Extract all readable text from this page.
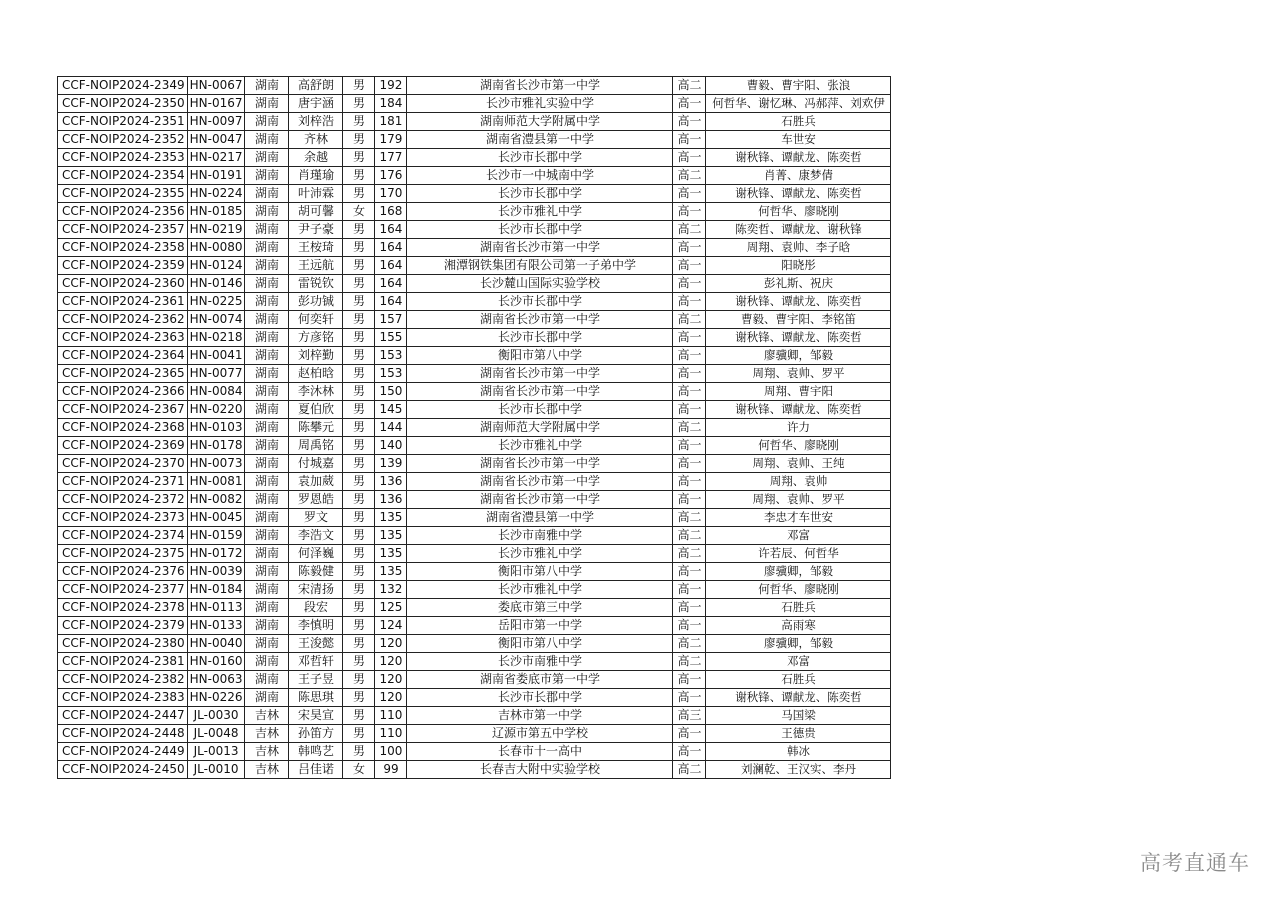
CCF-NOIP2024-2349	HN-0067	湖南	高舒朗	男	192	湖南省长沙市第一中学	高二	曹毅、曹宇阳、张浪
CCF-NOIP2024-2350	HN-0167	湖南	唐宇涵	男	184	长沙市雅礼实验中学	高一	何哲华、谢忆琳、冯郝萍、刘欢伊
CCF-NOIP2024-2351	HN-0097	湖南	刘梓浩	男	181	湖南师范大学附属中学	高一	石胜兵
CCF-NOIP2024-2352	HN-0047	湖南	齐林	男	179	湖南省澧县第一中学	高一	车世安
CCF-NOIP2024-2353	HN-0217	湖南	余越	男	177	长沙市长郡中学	高一	谢秋锋、谭献龙、陈奕哲
CCF-NOIP2024-2354	HN-0191	湖南	肖瑾瑜	男	176	长沙市一中城南中学	高二	肖菁、康梦倩
CCF-NOIP2024-2355	HN-0224	湖南	叶沛霖	男	170	长沙市长郡中学	高一	谢秋锋、谭献龙、陈奕哲
CCF-NOIP2024-2356	HN-0185	湖南	胡可馨	女	168	长沙市雅礼中学	高一	何哲华、廖晓刚
CCF-NOIP2024-2357	HN-0219	湖南	尹子豪	男	164	长沙市长郡中学	高二	陈奕哲、谭献龙、谢秋锋
CCF-NOIP2024-2358	HN-0080	湖南	王桉琦	男	164	湖南省长沙市第一中学	高一	周翔、袁帅、李子晗
CCF-NOIP2024-2359	HN-0124	湖南	王远航	男	164	湘潭钢铁集团有限公司第一子弟中学	高一	阳晓彤
CCF-NOIP2024-2360	HN-0146	湖南	雷锐钦	男	164	长沙麓山国际实验学校	高一	彭礼斯、祝庆
CCF-NOIP2024-2361	HN-0225	湖南	彭功铖	男	164	长沙市长郡中学	高一	谢秋锋、谭献龙、陈奕哲
CCF-NOIP2024-2362	HN-0074	湖南	何奕轩	男	157	湖南省长沙市第一中学	高二	曹毅、曹宇阳、李铭笛
CCF-NOIP2024-2363	HN-0218	湖南	方彦铭	男	155	长沙市长郡中学	高一	谢秋锋、谭献龙、陈奕哲
CCF-NOIP2024-2364	HN-0041	湖南	刘梓勤	男	153	衡阳市第八中学	高一	廖骥卿，邹毅
CCF-NOIP2024-2365	HN-0077	湖南	赵柏晗	男	153	湖南省长沙市第一中学	高一	周翔、袁帅、罗平
CCF-NOIP2024-2366	HN-0084	湖南	李沐林	男	150	湖南省长沙市第一中学	高一	周翔、曹宇阳
CCF-NOIP2024-2367	HN-0220	湖南	夏伯欣	男	145	长沙市长郡中学	高一	谢秋锋、谭献龙、陈奕哲
CCF-NOIP2024-2368	HN-0103	湖南	陈攀元	男	144	湖南师范大学附属中学	高二	许力
CCF-NOIP2024-2369	HN-0178	湖南	周禹铭	男	140	长沙市雅礼中学	高一	何哲华、廖晓刚
CCF-NOIP2024-2370	HN-0073	湖南	付城嘉	男	139	湖南省长沙市第一中学	高一	周翔、袁帅、王纯
CCF-NOIP2024-2371	HN-0081	湖南	袁加葳	男	136	湖南省长沙市第一中学	高一	周翔、袁帅
CCF-NOIP2024-2372	HN-0082	湖南	罗恩皓	男	136	湖南省长沙市第一中学	高一	周翔、袁帅、罗平
CCF-NOIP2024-2373	HN-0045	湖南	罗文	男	135	湖南省澧县第一中学	高二	李忠才车世安
CCF-NOIP2024-2374	HN-0159	湖南	李浩文	男	135	长沙市南雅中学	高二	邓富
CCF-NOIP2024-2375	HN-0172	湖南	何泽巍	男	135	长沙市雅礼中学	高二	许若辰、何哲华
CCF-NOIP2024-2376	HN-0039	湖南	陈毅健	男	135	衡阳市第八中学	高一	廖骥卿，邹毅
CCF-NOIP2024-2377	HN-0184	湖南	宋清扬	男	132	长沙市雅礼中学	高一	何哲华、廖晓刚
CCF-NOIP2024-2378	HN-0113	湖南	段宏	男	125	娄底市第三中学	高一	石胜兵
CCF-NOIP2024-2379	HN-0133	湖南	李慎明	男	124	岳阳市第一中学	高一	高雨寒
CCF-NOIP2024-2380	HN-0040	湖南	王浚懿	男	120	衡阳市第八中学	高二	廖骥卿，邹毅
CCF-NOIP2024-2381	HN-0160	湖南	邓哲轩	男	120	长沙市南雅中学	高二	邓富
CCF-NOIP2024-2382	HN-0063	湖南	王子昱	男	120	湖南省娄底市第一中学	高一	石胜兵
CCF-NOIP2024-2383	HN-0226	湖南	陈思琪	男	120	长沙市长郡中学	高一	谢秋锋、谭献龙、陈奕哲
CCF-NOIP2024-2447	JL-0030	吉林	宋昊宣	男	110	吉林市第一中学	高三	马国梁
CCF-NOIP2024-2448	JL-0048	吉林	孙笛方	男	110	辽源市第五中学校	高一	王德贵
CCF-NOIP2024-2449	JL-0013	吉林	韩鸣艺	男	100	长春市十一高中	高一	韩冰
CCF-NOIP2024-2450	JL-0010	吉林	吕佳诺	女	99	长春吉大附中实验学校	高二	刘澜乾、王汉实、李丹
高考直通车
